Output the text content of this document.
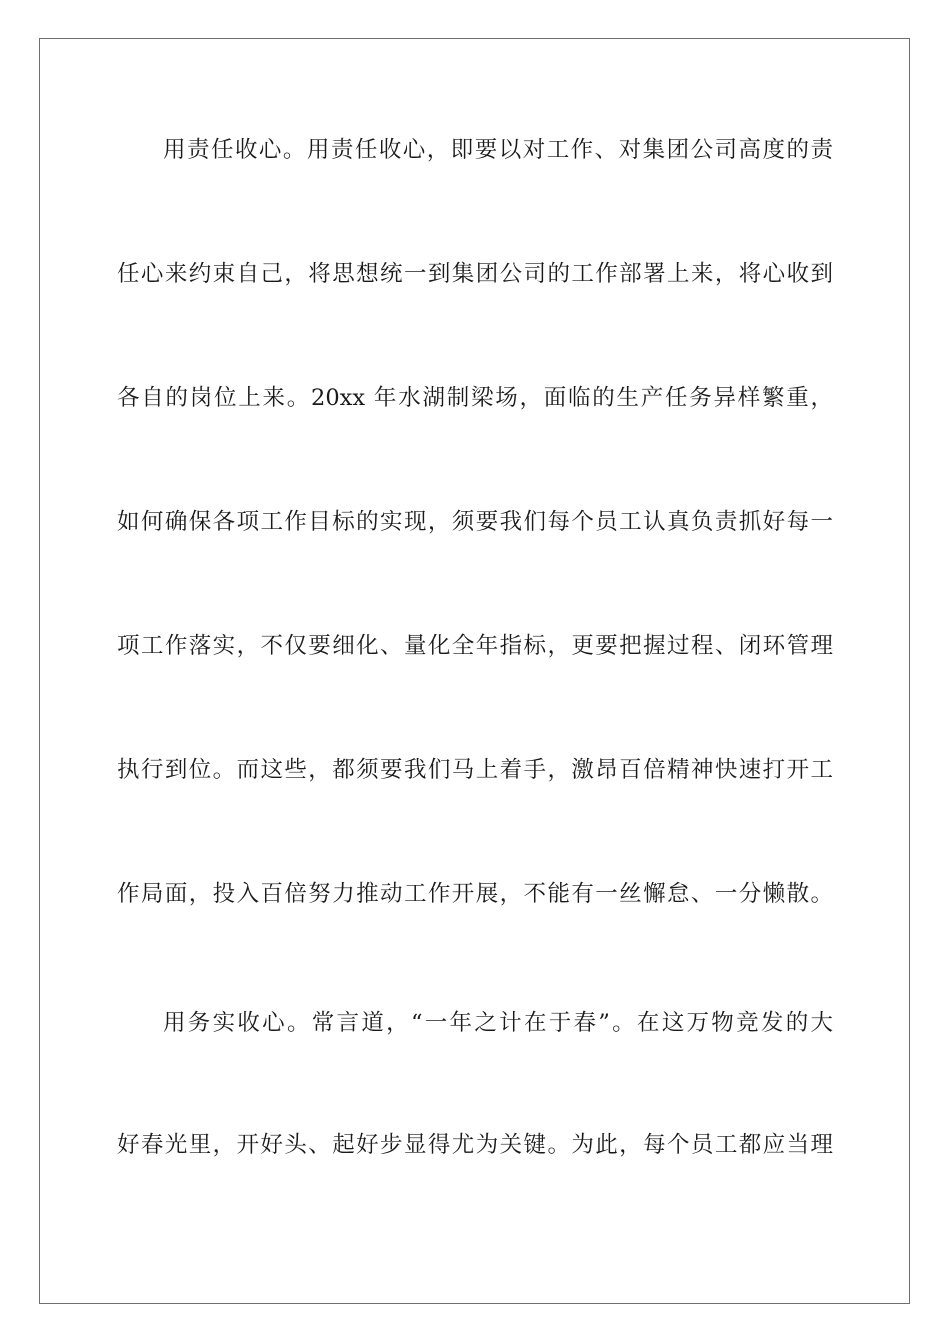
用责任收心。用责任收心，即要以对工作、对集团公司高度的责
任心来约束自己，将思想统一到集团公司的工作部署上来，将心收到
各自的岗位上来。20xx 年水湖制梁场，面临的生产任务异样繁重，
如何确保各项工作目标的实现，须要我们每个员工认真负责抓好每一
项工作落实，不仅要细化、量化全年指标，更要把握过程、闭环管理
执行到位。而这些，都须要我们马上着手，激昂百倍精神快速打开工
作局面，投入百倍努力推动工作开展，不能有一丝懈怠、一分懒散。
用务实收心。常言道，“一年之计在于春”。在这万物竞发的大
好春光里，开好头、起好步显得尤为关键。为此，每个员工都应当理
